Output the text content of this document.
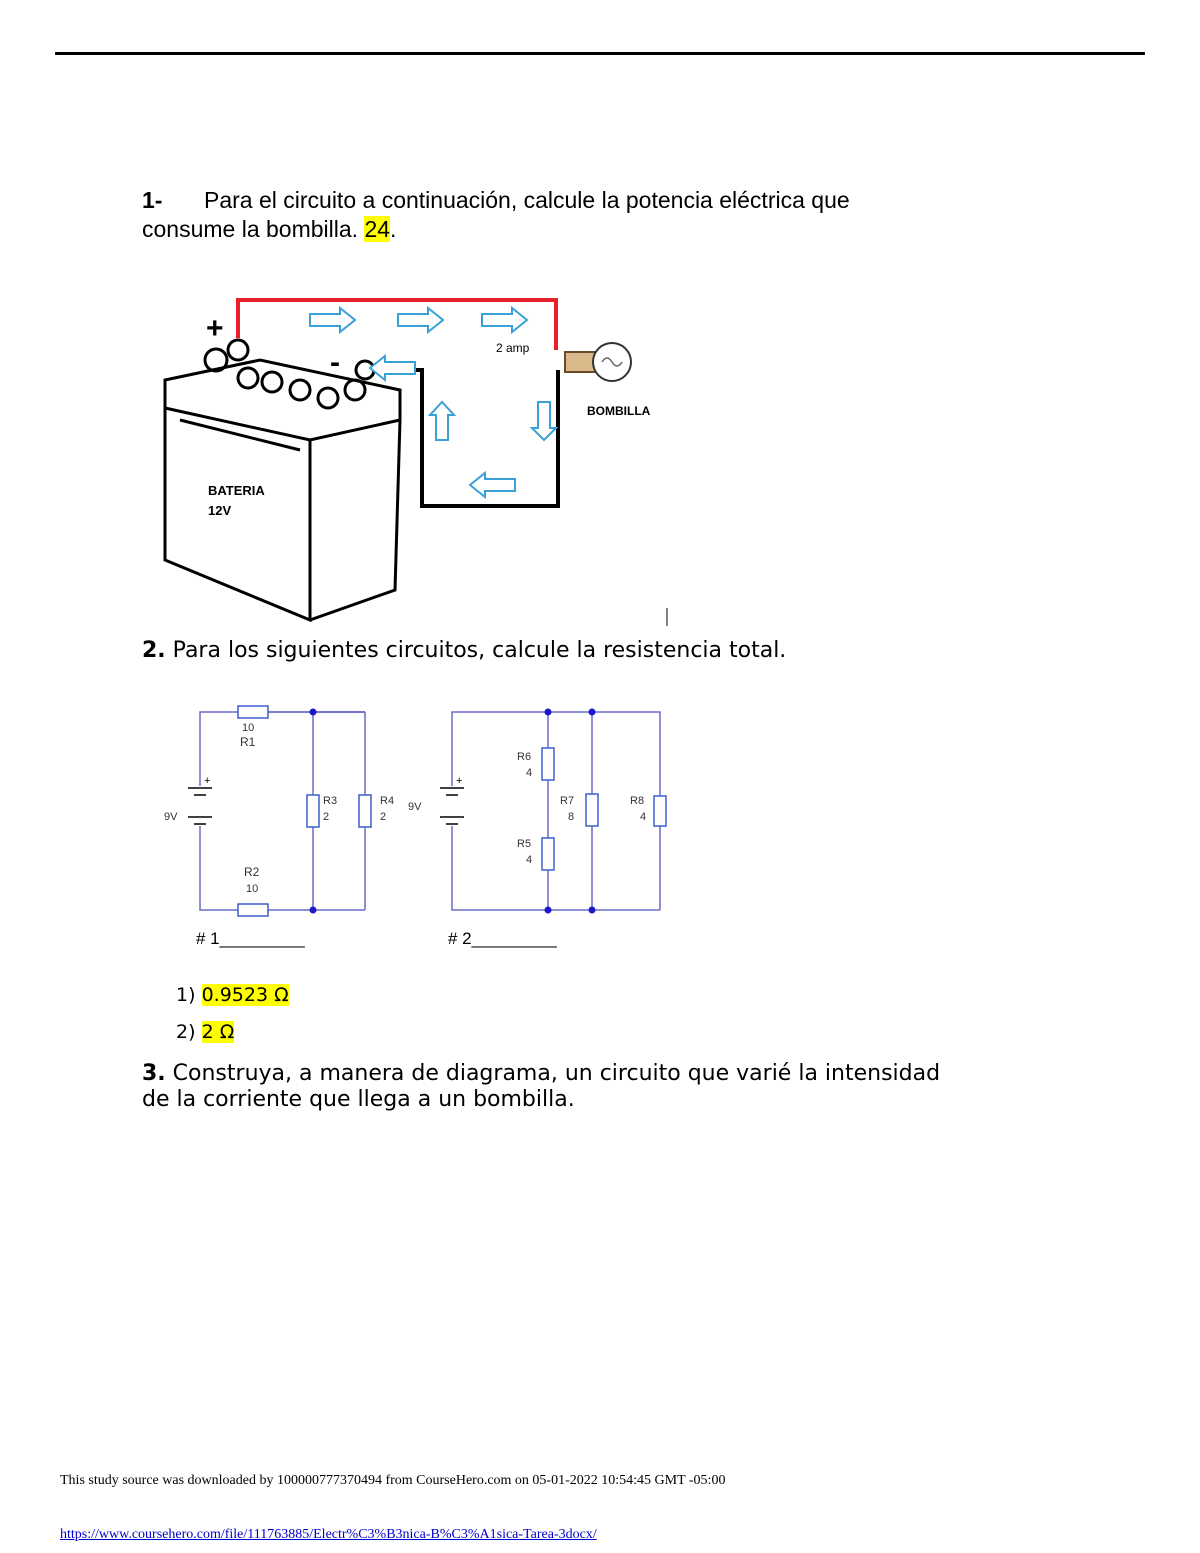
1- Para el circuito a continuación, calcule la potencia eléctrica que consume la bombilla. 24.
+
-
BATERIA
12V
2 amp
BOMBILLA
2. Para los siguientes circuitos, calcule la resistencia total.
+	+
9V
10
R1
R2
10
R3
2
R4
2
9V
R6
4
R5
4
R7
8
R8
4
# 1_________	# 2_________
1) 0.9523 Ω
2) 2 Ω
3. Construya, a manera de diagrama, un circuito que varié la intensidad de la corriente que llega a un bombilla.
This study source was downloaded by 100000777370494 from CourseHero.com on 05-01-2022 10:54:45 GMT -05:00
https://www.coursehero.com/file/111763885/Electr%C3%B3nica-B%C3%A1sica-Tarea-3docx/
